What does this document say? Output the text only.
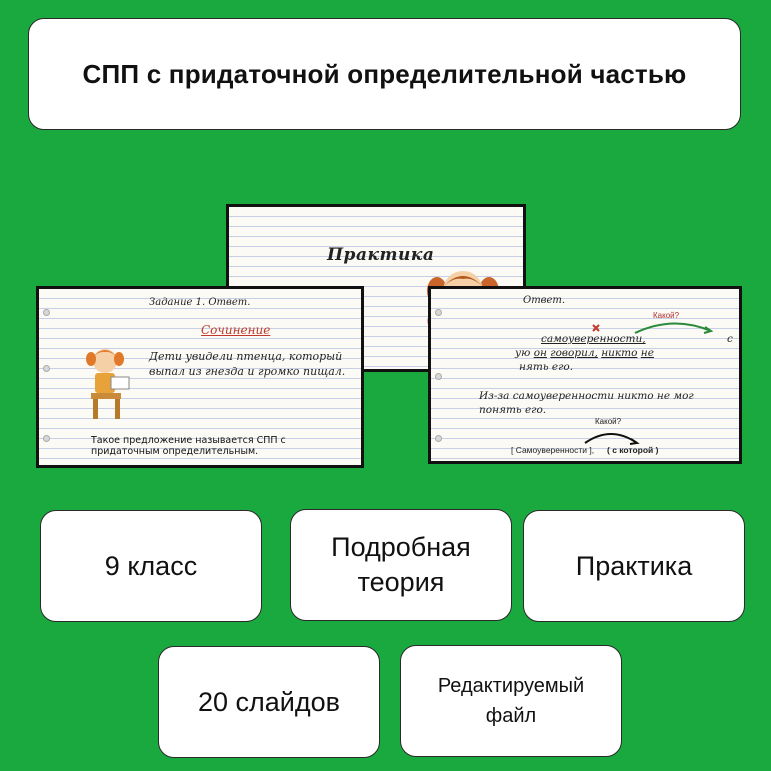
СПП с придаточной определительной частью
Практика
Задание 1. Ответ.
Сочинение
Дети увидели птенца, который выпал из гнезда и громко пищал.
Такое предложение называется СПП с придаточным определительным.
Ответ.
Какой?
самоуверенности,	с
ую он говорил, никто не
нять его.
Из-за самоуверенности никто не мог понять его.
Какой?
[ Самоуверенности ], ( с которой )
9 класс
Подробная
теория
Практика
20 слайдов
Редактируемый
файл
